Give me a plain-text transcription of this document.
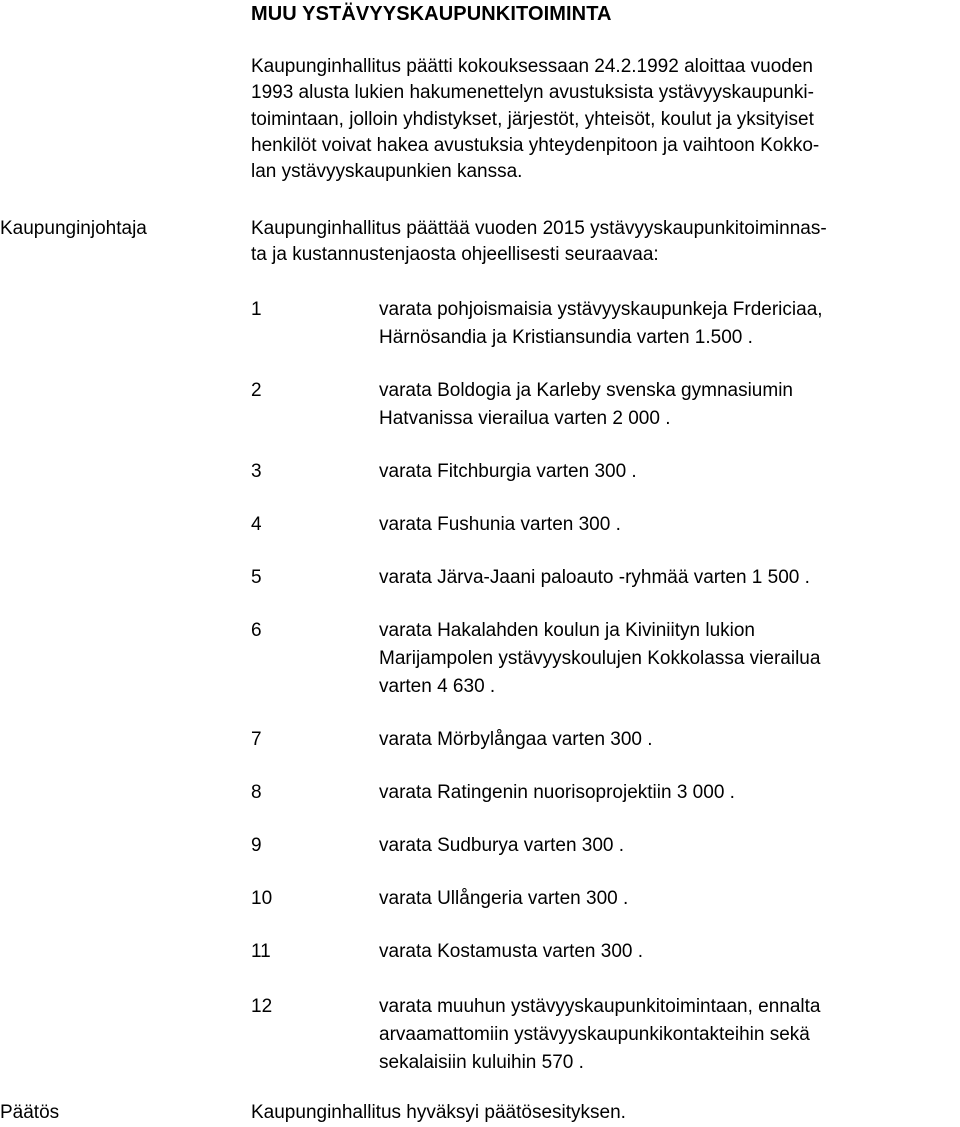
MUU YSTÄVYYSKAUPUNKITOIMINTA
Kaupunginhallitus päätti kokouksessaan 24.2.1992 aloittaa vuoden
1993 alusta lukien hakumenettelyn avustuksista ystävyyskaupunki-
toimintaan, jolloin yhdistykset, järjestöt, yhteisöt, koulut ja yksityiset
henkilöt voivat hakea avustuksia yhteydenpitoon ja vaihtoon Kokko-
lan ystävyyskaupunkien kanssa.
Kaupunginjohtaja	Kaupunginhallitus päättää vuoden 2015 ystävyyskaupunkitoiminnas-
ta ja kustannustenjaosta ohjeellisesti seuraavaa:
1	varata pohjoismaisia ystävyyskaupunkeja Frdericiaa,
Härnösandia ja Kristiansundia varten 1.500 .
2	varata Boldogia ja Karleby svenska gymnasiumin
Hatvanissa vierailua varten 2 000 .
3	varata Fitchburgia varten 300 .
4	varata Fushunia varten 300 .
5	varata Järva-Jaani paloauto -ryhmää varten 1 500 .
6	varata Hakalahden koulun ja Kiviniityn lukion
Marijampolen ystävyyskoulujen Kokkolassa vierailua
varten 4 630 .
7	varata Mörbylångaa varten 300 .
8	varata Ratingenin nuorisoprojektiin 3 000 .
9	varata Sudburya varten 300 .
10	varata Ullångeria varten 300 .
11	varata Kostamusta varten 300 .
12	varata muuhun ystävyyskaupunkitoimintaan, ennalta
arvaamattomiin ystävyyskaupunkikontakteihin sekä
sekalaisiin kuluihin 570 .
Päätös	Kaupunginhallitus hyväksyi päätösesityksen.
